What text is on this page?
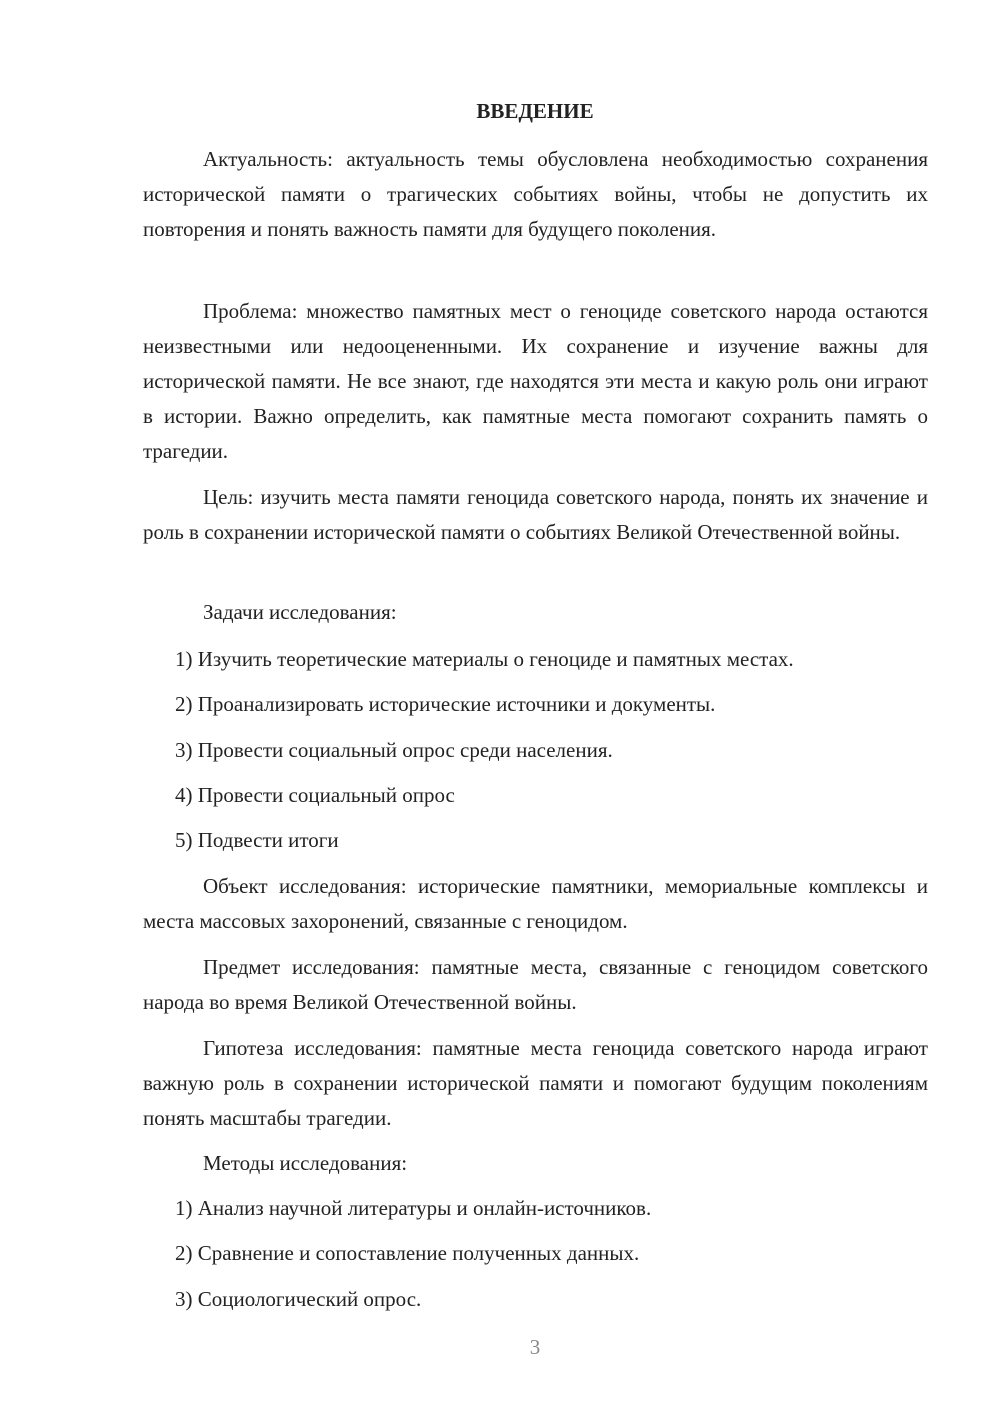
ВВЕДЕНИЕ

Актуальность: актуальность темы обусловлена необходимостью сохранения исторической памяти о трагических событиях войны, чтобы не допустить их повторения и понять важность памяти для будущего поколения.

Проблема: множество памятных мест о геноциде советского народа остаются неизвестными или недооцененными. Их сохранение и изучение важны для исторической памяти. Не все знают, где находятся эти места и какую роль они играют в истории. Важно определить, как памятные места помогают сохранить память о трагедии.

Цель: изучить места памяти геноцида советского народа, понять их значение и роль в сохранении исторической памяти о событиях Великой Отечественной войны.

Задачи исследования:

1) Изучить теоретические материалы о геноциде и памятных местах.

2) Проанализировать исторические источники и документы.

3) Провести социальный опрос среди населения.

4) Провести социальный опрос

5) Подвести итоги

Объект исследования: исторические памятники, мемориальные комплексы и места массовых захоронений, связанные с геноцидом.

Предмет исследования: памятные места, связанные с геноцидом советского народа во время Великой Отечественной войны.

Гипотеза исследования: памятные места геноцида советского народа играют важную роль в сохранении исторической памяти и помогают будущим поколениям понять масштабы трагедии.

Методы исследования:

1) Анализ научной литературы и онлайн-источников.

2) Сравнение и сопоставление полученных данных.

3) Социологический опрос.

3
